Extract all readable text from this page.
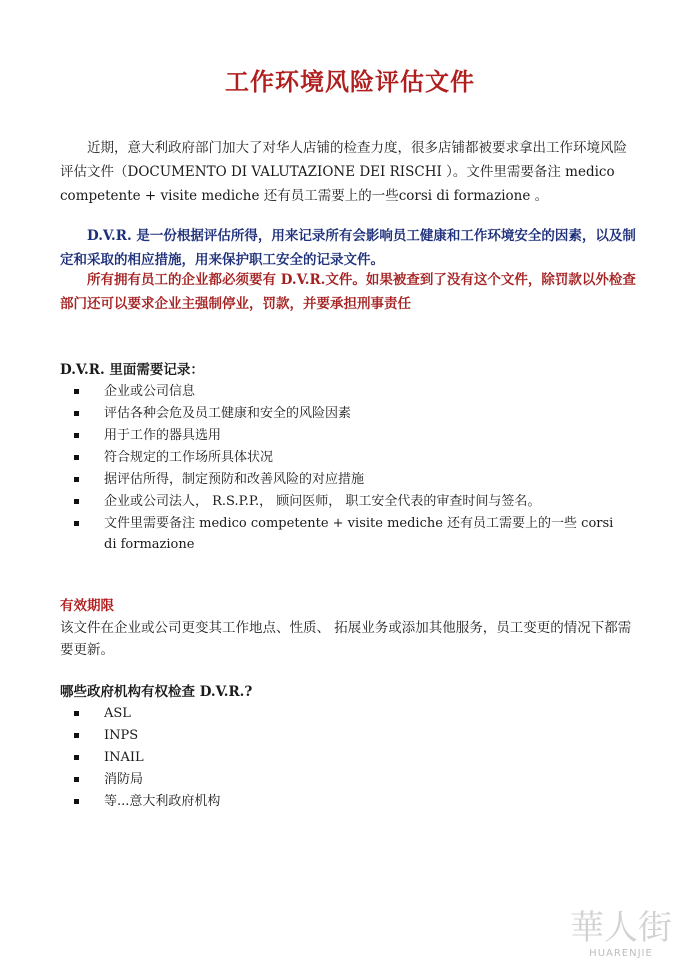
工作环境风险评估文件

近期，意大利政府部门加大了对华人店铺的检查力度，很多店铺都被要求拿出工作环境风险评估文件（DOCUMENTO DI VALUTAZIONE DEI RISCHI ）。文件里需要备注 medico competente + visite mediche 还有员工需要上的一些corsi di formazione 。

D.V.R. 是一份根据评估所得，用来记录所有会影响员工健康和工作环境安全的因素，以及制定和采取的相应措施，用来保护职工安全的记录文件。

所有拥有员工的企业都必须要有 D.V.R.文件。如果被查到了没有这个文件，除罚款以外检查部门还可以要求企业主强制停业，罚款，并要承担刑事责任

D.V.R. 里面需要记录：
企业或公司信息
评估各种会危及员工健康和安全的风险因素
用于工作的器具选用
符合规定的工作场所具体状况
据评估所得，制定预防和改善风险的对应措施
企业或公司法人， R.S.P.P.， 顾问医师， 职工安全代表的审查时间与签名。
文件里需要备注 medico competente + visite mediche 还有员工需要上的一些 corsi di formazione
有效期限

该文件在企业或公司更变其工作地点、性质、 拓展业务或添加其他服务，员工变更的情况下都需要更新。

哪些政府机构有权检查 D.V.R.?
ASL
INPS
INAIL
消防局
等...意大利政府机构
華人街
HUARENJIE
